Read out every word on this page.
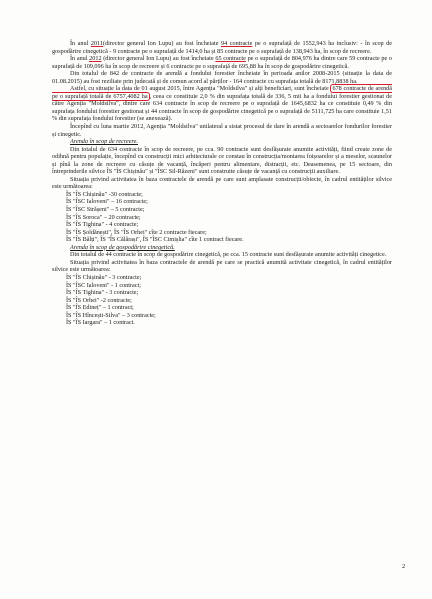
În anul 2011(director general Ion Lupu) au fost încheiate 94 contracte pe o suprafață de 1552,943 ha inclusiv: - în scop de gospodărire cinegetică - 9 contracte pe o suprafață de 1414,0 ha și 85 contracte pe o suprafață de 138,943 ha, în scop de recreere.

În anul 2012 (director general Ion Lupu) au fost încheiate 65 contracte pe o suprafață de 804,976 ha dintre care 59 contracte pe o suprafață de 109,096 ha în scop de recreere și 6 contracte pe o suprafață de 695,88 ha în scop de gospodărire cinegetică.

Din totalul de 842 de contracte de arendă a fondului forestier încheiate în perioada anilor 2008-2015 (situație la data de 01.08.2015) au fost reziliate prin judecată și de comun acord al părților - 164 contracte cu suprafața totală de 8171,8838 ha.

Astfel, cu situație la data de 01 august 2015, între Agenția "Moldsilva" și alți beneficiari, sunt încheiate 678 contracte de arendă pe o suprafață totală de 6757,4082 ha , ceea ce constituie 2,0 % din suprafața totală de 336, 5 mii ha a fondului forestier gestionat de către Agenția "Moldsilva", dintre care 634 contracte în scop de recreere pe o suprafață de 1645,6832 ha ce constituie 0,49 % din suprafața fondului forestier gestionat și 44 contracte în scop de gospodărire cinegetică pe o suprafață de 5111,725 ha care constituie 1,51 % din suprafața fondului forestier (se anexează).

Începînd cu luna martie 2012, Agenția "Moldsilva" unilateral a sistat procesul de dare în arendă a sectoarelor fondurilor forestier și cinegetic.

Arenda în scop de recreere.

Din totalul de 634 contracte în scop de recreere, pe cca. 90 contracte sunt desfășurate anumite activități, fiind create zone de odihnă pentru populație, începînd cu construcții mici arhitecturale ce constau în construcția/montarea foișoarelor și a meselor, scaunelor și pînă la zone de recreere cu căsuțe de vacanță, încăperi pentru alimentare, distracții, etc. Deasemenea, pe 15 sectoare, din întreprinderile silvice ÎS "ÎS Chișinău" și "ÎSC Sil-Răzeni" sunt construite căsuțe de vacanță cu construcții auxiliare.

Situația privind activitatea în baza contractele de arendă pe care sunt amplasate construcții/obiecte, în cadrul entităților silvice este următoarea:

ÎS "ÎS Chișinău" -30 contracte;

ÎS "ÎSC Ialoveni" – 16 contracte;

ÎS "ÎSC Strășeni" – 5 contracte;

ÎS "ÎS Soroca" – 20 contracte;

ÎS "ÎS Tighina" - 4 contracte;

ÎS "ÎS Șoldănești", ÎS "ÎS Orhei" cîte 2 contracte fiecare;

ÎS "ÎS Bălți", ÎS "ÎS Călărași", ÎS "ÎSC Cimișlia" cîte 1 contract fiecare.

Arenda în scop de gospodărire cinegetică.

Din totalul de 44 contracte în scop de gospodărire cinegetică, pe cca. 15 contracte sunt desfășurate anumite activități cinegetice.

Situația privind activitatea în baza contractele de arendă pe care se practică anumită activitate cinegetică, în cadrul entităților silvice este următoarea:

ÎS "ÎS Chișinău" - 3 contracte;

ÎS "ÎSC Ialoveni" - 1 contract;

ÎS "ÎS Tighina" - 3 contracte;

ÎS "ÎS Orhei" -2 contracte;

ÎS "ÎS Edineț" – 1 contract;

ÎS "ÎS Hîncești-Silva" – 3 contracte;

ÎS "ÎS Iargara" – 1 contract.

2
